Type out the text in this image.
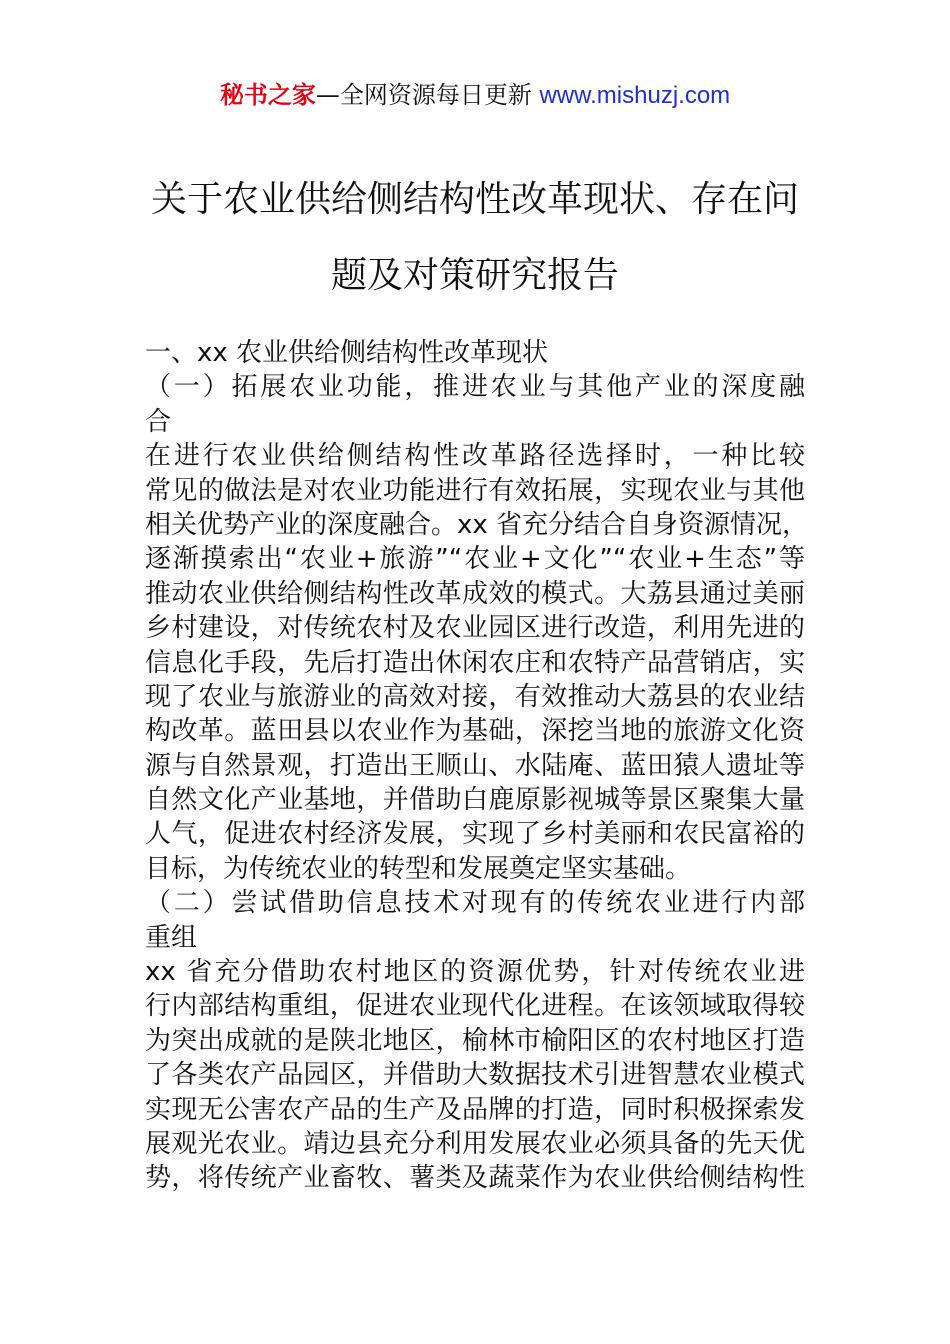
秘书之家—全网资源每日更新 www.mishuzj.com
关于农业供给侧结构性改革现状、存在问
题及对策研究报告
一、xx 农业供给侧结构性改革现状
（一）拓展农业功能，推进农业与其他产业的深度融
合
在进行农业供给侧结构性改革路径选择时，一种比较
常见的做法是对农业功能进行有效拓展，实现农业与其他
相关优势产业的深度融合。xx 省充分结合自身资源情况，
逐渐摸索出“农业+旅游”“农业+文化”“农业+生态”等
推动农业供给侧结构性改革成效的模式。大荔县通过美丽
乡村建设，对传统农村及农业园区进行改造，利用先进的
信息化手段，先后打造出休闲农庄和农特产品营销店，实
现了农业与旅游业的高效对接，有效推动大荔县的农业结
构改革。蓝田县以农业作为基础，深挖当地的旅游文化资
源与自然景观，打造出王顺山、水陆庵、蓝田猿人遗址等
自然文化产业基地，并借助白鹿原影视城等景区聚集大量
人气，促进农村经济发展，实现了乡村美丽和农民富裕的
目标，为传统农业的转型和发展奠定坚实基础。
（二）尝试借助信息技术对现有的传统农业进行内部
重组
xx 省充分借助农村地区的资源优势，针对传统农业进
行内部结构重组，促进农业现代化进程。在该领域取得较
为突出成就的是陕北地区，榆林市榆阳区的农村地区打造
了各类农产品园区，并借助大数据技术引进智慧农业模式
实现无公害农产品的生产及品牌的打造，同时积极探索发
展观光农业。靖边县充分利用发展农业必须具备的先天优
势，将传统产业畜牧、薯类及蔬菜作为农业供给侧结构性
